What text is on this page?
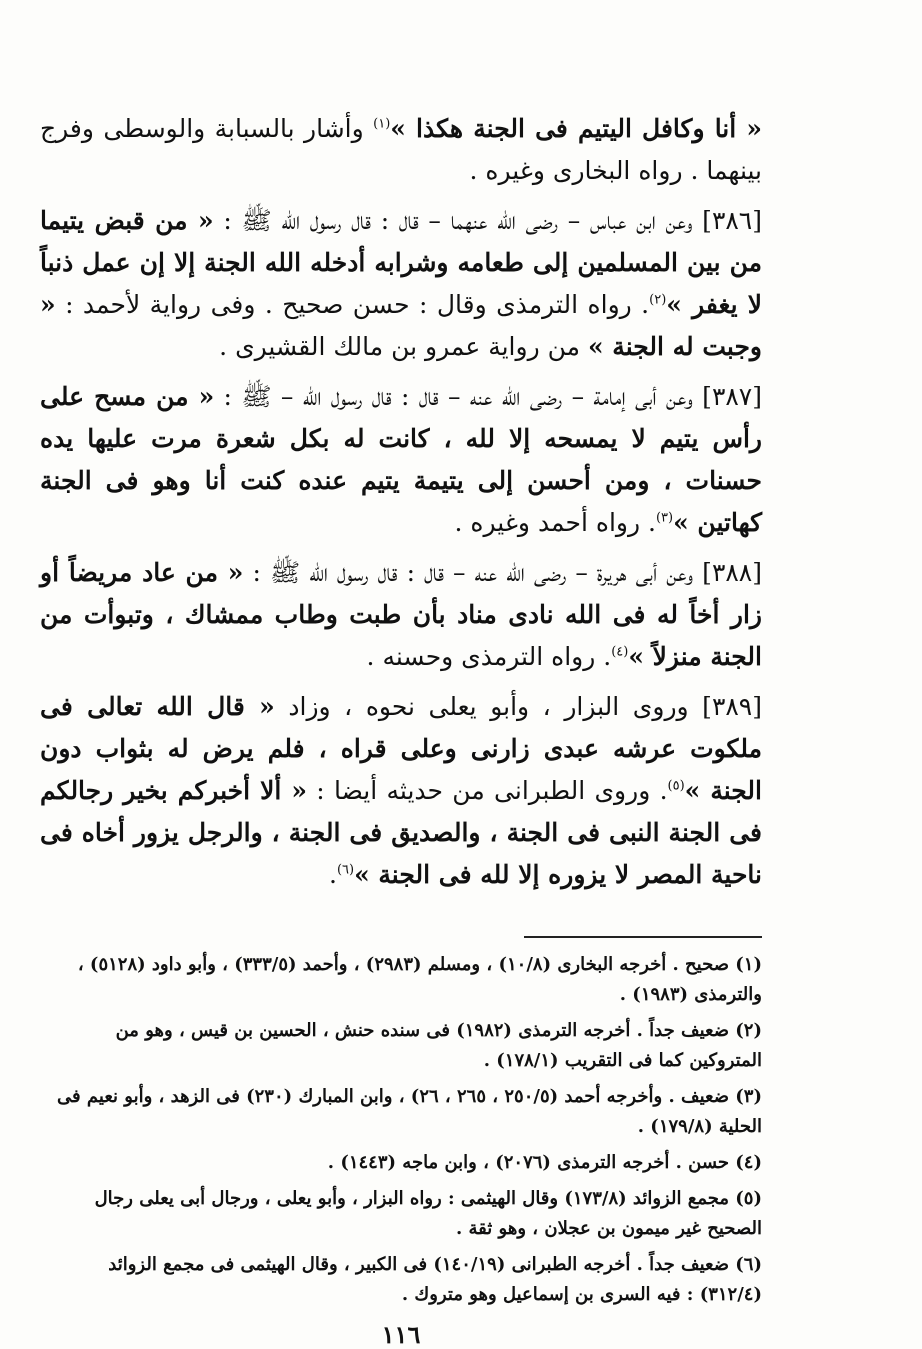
« أنا وكافل اليتيم فى الجنة هكذا »$^{(١)}$ وأشار بالسبابة والوسطى وفرج بينهما . رواه البخارى وغيره .

[٣٨٦] وعن ابن عباس – رضى الله عنهما – قال : قال رسول الله ﷺ : « من قبض يتيما من بين المسلمين إلى طعامه وشرابه أدخله الله الجنة إلا إن عمل ذنباً لا يغفر »$^{(٢)}$. رواه الترمذى وقال : حسن صحيح . وفى رواية لأحمد : « وجبت له الجنة » من رواية عمرو بن مالك القشيرى .

[٣٨٧] وعن أبى إمامة – رضى الله عنه – قال : قال رسول الله – ﷺ : « من مسح على رأس يتيم لا يمسحه إلا لله ، كانت له بكل شعرة مرت عليها يده حسنات ، ومن أحسن إلى يتيمة يتيم عنده كنت أنا وهو فى الجنة كهاتين »$^{(٣)}$. رواه أحمد وغيره .

[٣٨٨] وعن أبى هريرة – رضى الله عنه – قال : قال رسول الله ﷺ : « من عاد مريضاً أو زار أخاً له فى الله نادى مناد بأن طبت وطاب ممشاك ، وتبوأت من الجنة منزلاً »$^{(٤)}$. رواه الترمذى وحسنه .

[٣٨٩] وروى البزار ، وأبو يعلى نحوه ، وزاد « قال الله تعالى فى ملكوت عرشه عبدى زارنى وعلى قراه ، فلم يرض له بثواب دون الجنة »$^{(٥)}$. وروى الطبرانى من حديثه أيضا : « ألا أخبركم بخير رجالكم فى الجنة النبى فى الجنة ، والصديق فى الجنة ، والرجل يزور أخاه فى ناحية المصر لا يزوره إلا لله فى الجنة »$^{(٦)}$.

(١) صحيح . أخرجه البخارى (١٠/٨) ، ومسلم (٢٩٨٣) ، وأحمد (٣٣٣/٥) ، وأبو داود (٥١٢٨) ، والترمذى (١٩٨٣) .

(٢) ضعيف جداً . أخرجه الترمذى (١٩٨٢) فى سنده حنش ، الحسين بن قيس ، وهو من المتروكين كما فى التقريب (١٧٨/١) .

(٣) ضعيف . وأخرجه أحمد (٢٥٠/٥ ، ٢٦٥ ، ٢٦) ، وابن المبارك (٢٣٠) فى الزهد ، وأبو نعيم فى الحلية (١٧٩/٨) .

(٤) حسن . أخرجه الترمذى (٢٠٧٦) ، وابن ماجه (١٤٤٣) .

(٥) مجمع الزوائد (١٧٣/٨) وقال الهيثمى : رواه البزار ، وأبو يعلى ، ورجال أبى يعلى رجال الصحيح غير ميمون بن عجلان ، وهو ثقة .

(٦) ضعيف جداً . أخرجه الطبرانى (١٤٠/١٩) فى الكبير ، وقال الهيثمى فى مجمع الزوائد (٣١٢/٤) : فيه السرى بن إسماعيل وهو متروك .

١١٦
